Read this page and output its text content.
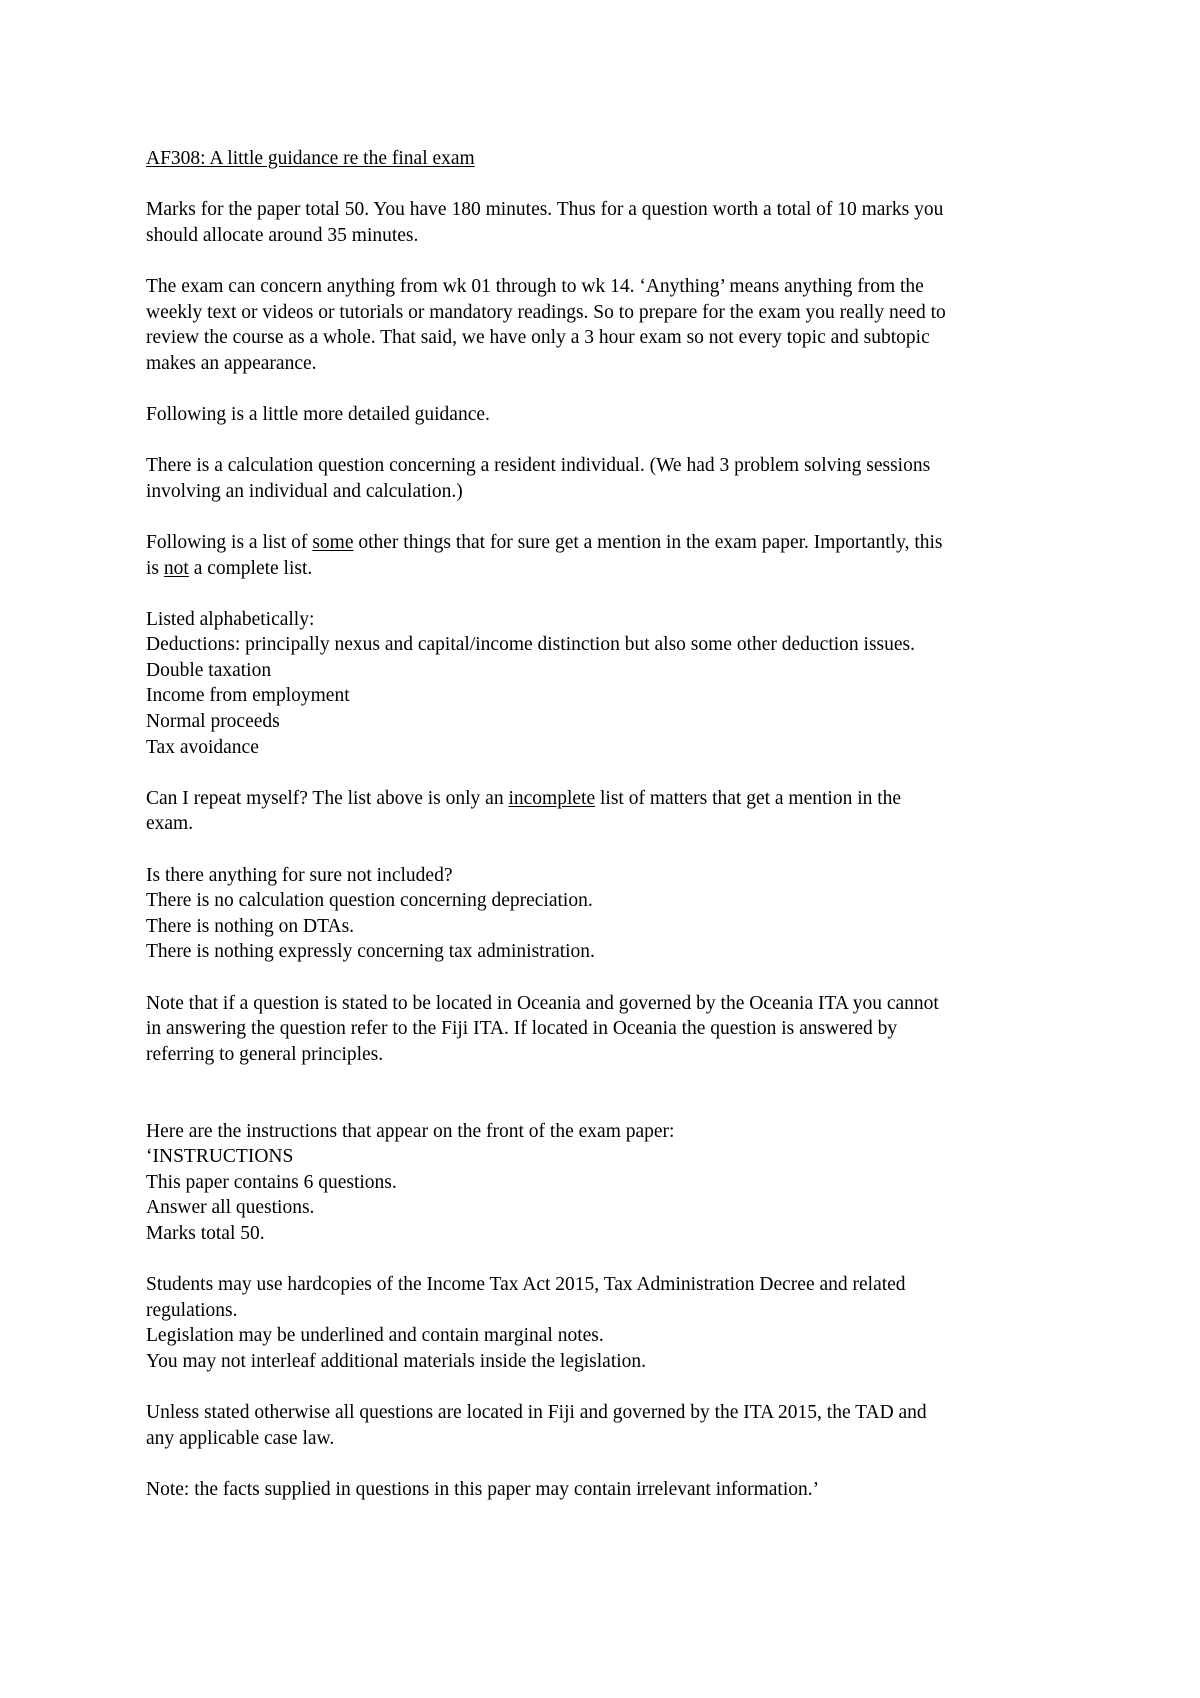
AF308: A little guidance re the final exam

Marks for the paper total 50. You have 180 minutes. Thus for a question worth a total of 10 marks you
should allocate around 35 minutes.

The exam can concern anything from wk 01 through to wk 14. ‘Anything’ means anything from the
weekly text or videos or tutorials or mandatory readings. So to prepare for the exam you really need to
review the course as a whole. That said, we have only a 3 hour exam so not every topic and subtopic
makes an appearance.

Following is a little more detailed guidance.

There is a calculation question concerning a resident individual. (We had 3 problem solving sessions
involving an individual and calculation.)

Following is a list of some other things that for sure get a mention in the exam paper. Importantly, this
is not a complete list.

Listed alphabetically:
Deductions: principally nexus and capital/income distinction but also some other deduction issues.
Double taxation
Income from employment
Normal proceeds
Tax avoidance

Can I repeat myself? The list above is only an incomplete list of matters that get a mention in the
exam.

Is there anything for sure not included?
There is no calculation question concerning depreciation.
There is nothing on DTAs.
There is nothing expressly concerning tax administration.

Note that if a question is stated to be located in Oceania and governed by the Oceania ITA you cannot
in answering the question refer to the Fiji ITA. If located in Oceania the question is answered by
referring to general principles.

Here are the instructions that appear on the front of the exam paper:
‘INSTRUCTIONS
This paper contains 6 questions.
Answer all questions.
Marks total 50.

Students may use hardcopies of the Income Tax Act 2015, Tax Administration Decree and related
regulations.
Legislation may be underlined and contain marginal notes.
You may not interleaf additional materials inside the legislation.

Unless stated otherwise all questions are located in Fiji and governed by the ITA 2015, the TAD and
any applicable case law.

Note: the facts supplied in questions in this paper may contain irrelevant information.’
